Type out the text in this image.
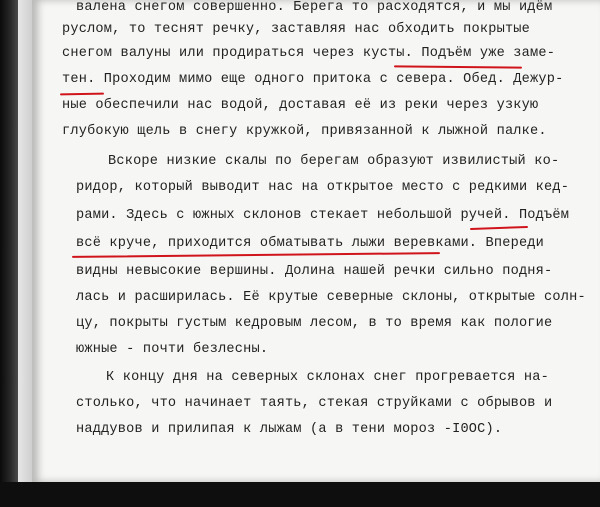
валена снегом совершенно. Берега то расходятся, и мы идём
руслом, то теснят речку, заставляя нас обходить покрытые
снегом валуны или продираться через кусты. Подъём уже заме-
тен. Проходим мимо еще одного притока с севера. Обед. Дежур-
ные обеспечили нас водой, доставая её из реки через узкую
глубокую щель в снегу кружкой, привязанной к лыжной палке.
Вскоре низкие скалы по берегам образуют извилистый ко-
ридор, который выводит нас на открытое место с редкими кед-
рами. Здесь с южных склонов стекает небольшой ручей. Подъём
всё круче, приходится обматывать лыжи веревками. Впереди
видны невысокие вершины. Долина нашей речки сильно подня-
лась и расширилась. Её крутые северные склоны, открытые солн-
цу, покрыты густым кедровым лесом, в то время как пологие
южные - почти безлесны.
К концу дня на северных склонах снег прогревается на-
столько, что начинает таять, стекая струйками с обрывов и
наддувов и прилипая к лыжам (а в тени мороз -I0ОС).
